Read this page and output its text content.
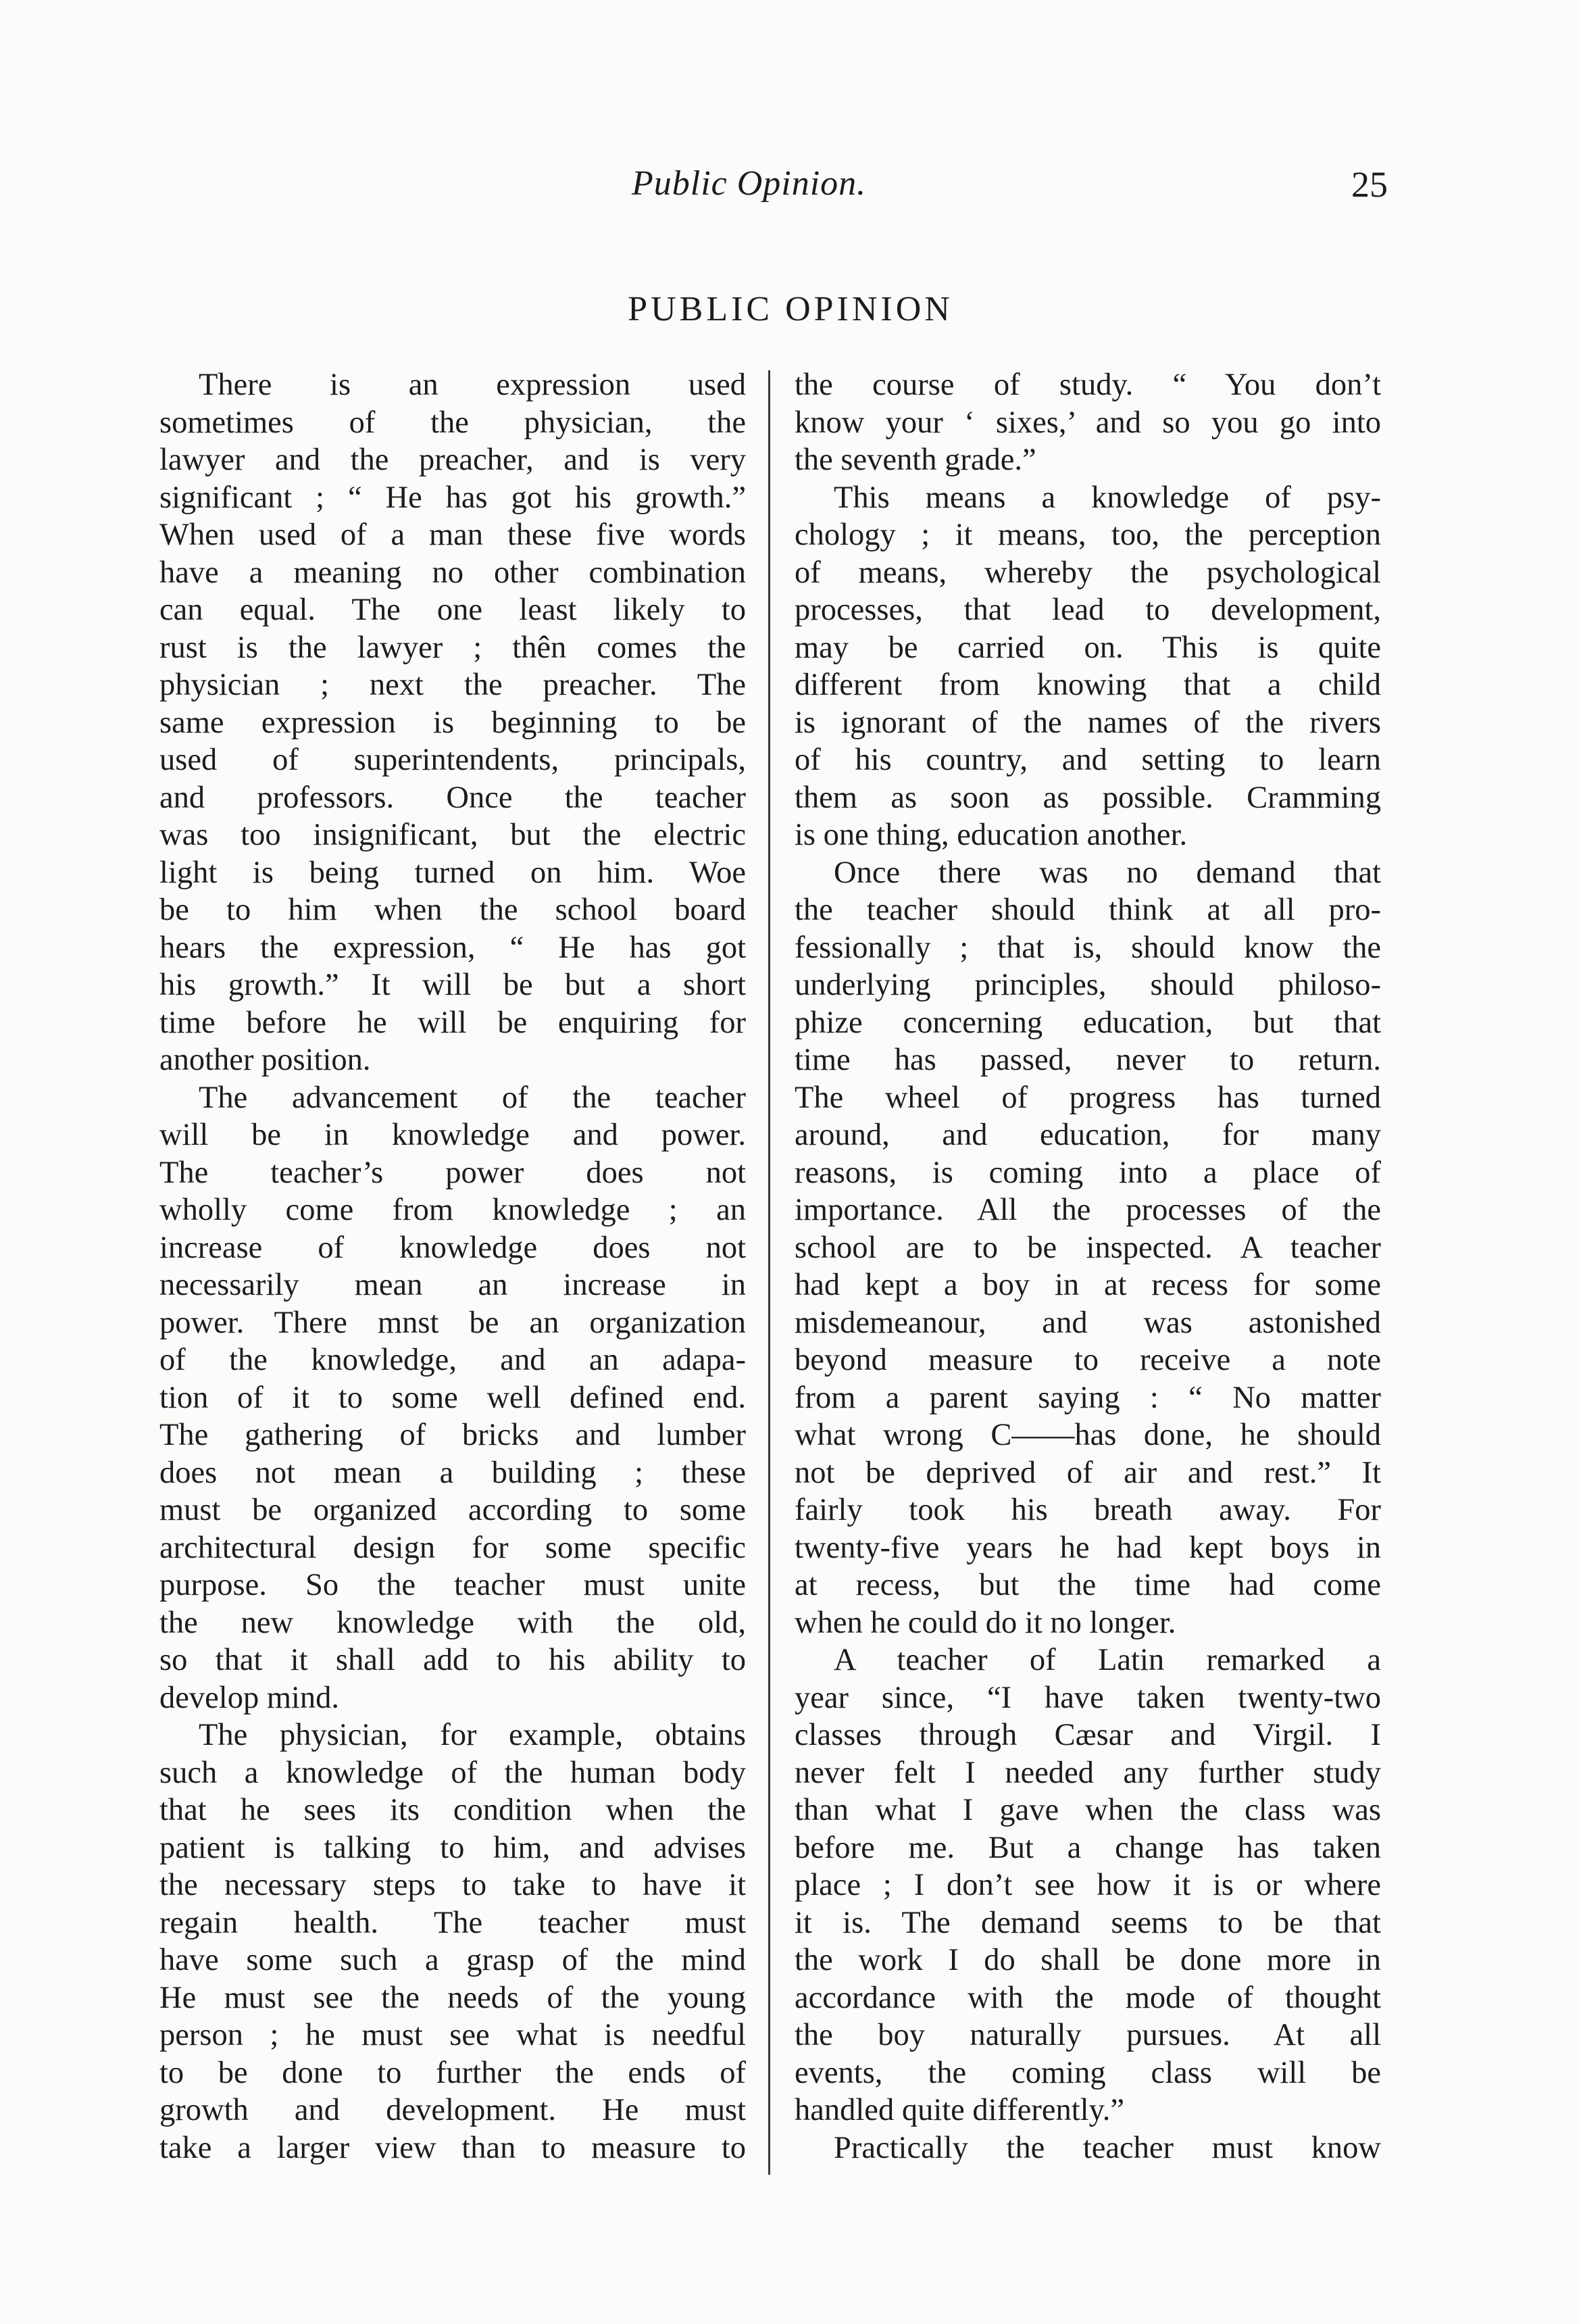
Public Opinion.	25
PUBLIC OPINION
There is an expression used
sometimes of the physician, the
lawyer and the preacher, and is very
significant ; “ He has got his growth.”
When used of a man these five words
have a meaning no other combination
can equal. The one least likely to
rust is the lawyer ; thên comes the
physician ; next the preacher. The
same expression is beginning to be
used of superintendents, principals,
and professors. Once the teacher
was too insignificant, but the electric
light is being turned on him. Woe
be to him when the school board
hears the expression, “ He has got
his growth.” It will be but a short
time before he will be enquiring for
another position.
The advancement of the teacher
will be in knowledge and power.
The teacher’s power does not
wholly come from knowledge ; an
increase of knowledge does not
necessarily mean an increase in
power. There mnst be an organization
of the knowledge, and an adapa-
tion of it to some well defined end.
The gathering of bricks and lumber
does not mean a building ; these
must be organized according to some
architectural design for some specific
purpose. So the teacher must unite
the new knowledge with the old,
so that it shall add to his ability to
develop mind.
The physician, for example, obtains
such a knowledge of the human body
that he sees its condition when the
patient is talking to him, and advises
the necessary steps to take to have it
regain health. The teacher must
have some such a grasp of the mind
He must see the needs of the young
person ; he must see what is needful
to be done to further the ends of
growth and development. He must
take a larger view than to measure to
the course of study. “ You don’t
know your ‘ sixes,’ and so you go into
the seventh grade.”
This means a knowledge of psy-
chology ; it means, too, the perception
of means, whereby the psychological
processes, that lead to development,
may be carried on. This is quite
different from knowing that a child
is ignorant of the names of the rivers
of his country, and setting to learn
them as soon as possible. Cramming
is one thing, education another.
Once there was no demand that
the teacher should think at all pro-
fessionally ; that is, should know the
underlying principles, should philoso-
phize concerning education, but that
time has passed, never to return.
The wheel of progress has turned
around, and education, for many
reasons, is coming into a place of
importance. All the processes of the
school are to be inspected. A teacher
had kept a boy in at recess for some
misdemeanour, and was astonished
beyond measure to receive a note
from a parent saying : “ No matter
what wrong C——has done, he should
not be deprived of air and rest.” It
fairly took his breath away. For
twenty-five years he had kept boys in
at recess, but the time had come
when he could do it no longer.
A teacher of Latin remarked a
year since, “I have taken twenty-two
classes through Cæsar and Virgil. I
never felt I needed any further study
than what I gave when the class was
before me. But a change has taken
place ; I don’t see how it is or where
it is. The demand seems to be that
the work I do shall be done more in
accordance with the mode of thought
the boy naturally pursues. At all
events, the coming class will be
handled quite differently.”
Practically the teacher must know
